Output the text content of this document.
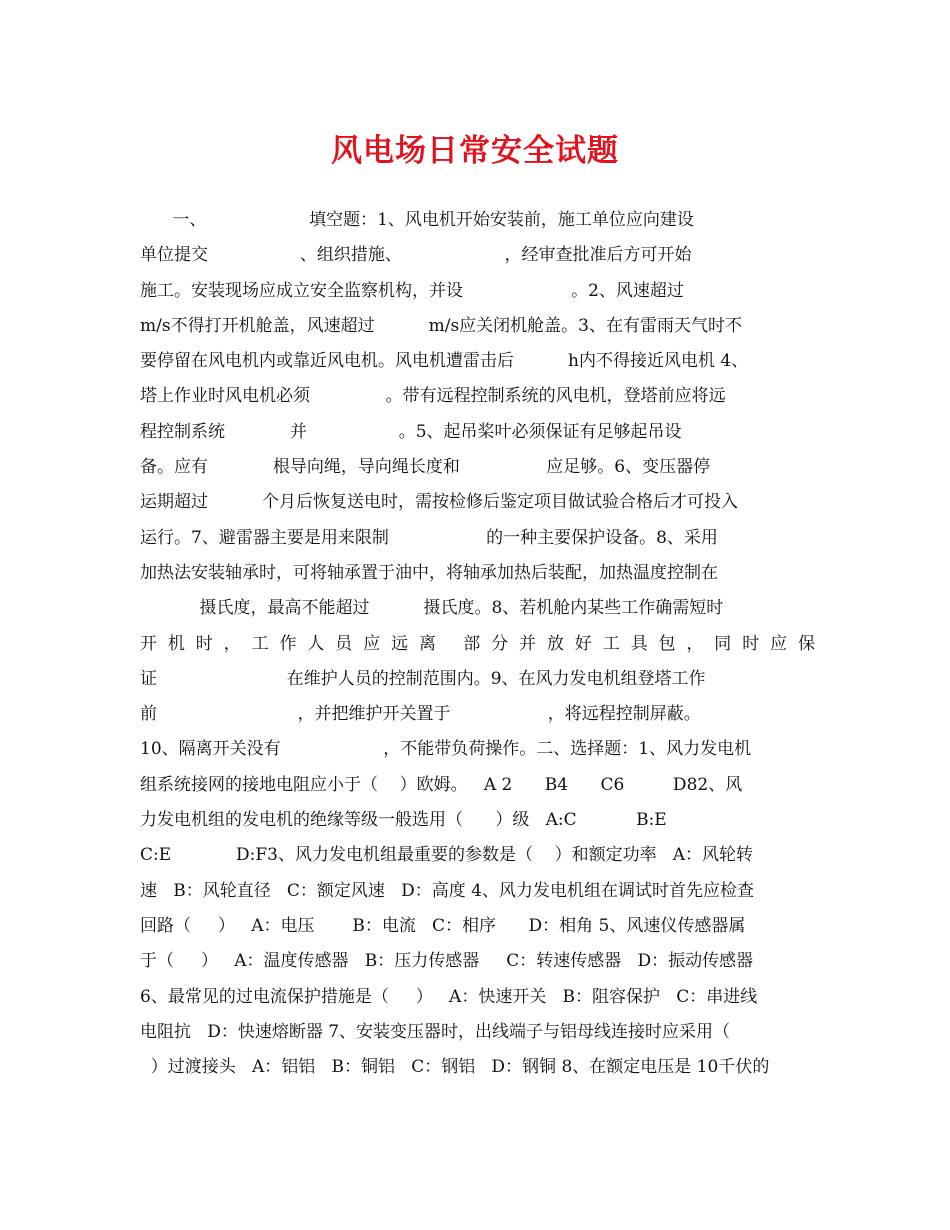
风电场日常安全试题
一、                   填空题：1、风电机开始安装前，施工单位应向建设
单位提交                 、组织措施、                   ，经审查批准后方可开始
施工。安装现场应成立安全监察机构，并设                    。2、风速超过
m/s不得打开机舱盖，风速超过          m/s应关闭机舱盖。3、在有雷雨天气时不
要停留在风电机内或靠近风电机。风电机遭雷击后          h内不得接近风电机 4、
塔上作业时风电机必须              。带有远程控制系统的风电机，登塔前应将远
程控制系统            并                 。5、起吊桨叶必须保证有足够起吊设
备。应有            根导向绳，导向绳长度和                应足够。6、变压器停
运期超过          个月后恢复送电时，需按检修后鉴定项目做试验合格后才可投入
运行。7、避雷器主要是用来限制                  的一种主要保护设备。8、采用
加热法安装轴承时，可将轴承置于油中，将轴承加热后装配，加热温度控制在
摄氏度，最高不能超过          摄氏度。8、若机舱内某些工作确需短时
开机时，工作人员应远离 部分并放好工具包，同时应保
证                        在维护人员的控制范围内。9、在风力发电机组登塔工作
前                          ，并把维护开关置于                  ，将远程控制屏蔽。
10、隔离开关没有                   ，不能带负荷操作。二、选择题：1、风力发电机
组系统接网的接地电阻应小于（    ）欧姆。   A 2      B4      C6         D82、风
力发电机组的发电机的绝缘等级一般选用（      ）级   A:C           B:E
C:E            D:F3、风力发电机组最重要的参数是（    ）和额定功率   A：风轮转
速   B：风轮直径   C：额定风速   D：高度 4、风力发电机组在调试时首先应检查
回路（     ）   A：电压       B：电流   C：相序      D：相角 5、风速仪传感器属
于（     ）   A：温度传感器   B：压力传感器     C：转速传感器   D：振动传感器
6、最常见的过电流保护措施是（     ）   A：快速开关   B：阻容保护   C：串进线
电阻抗   D：快速熔断器 7、安装变压器时，出线端子与铝母线连接时应采用（
）过渡接头   A：铝铝   B：铜铝   C：钢铝   D：钢铜 8、在额定电压是 10千伏的
